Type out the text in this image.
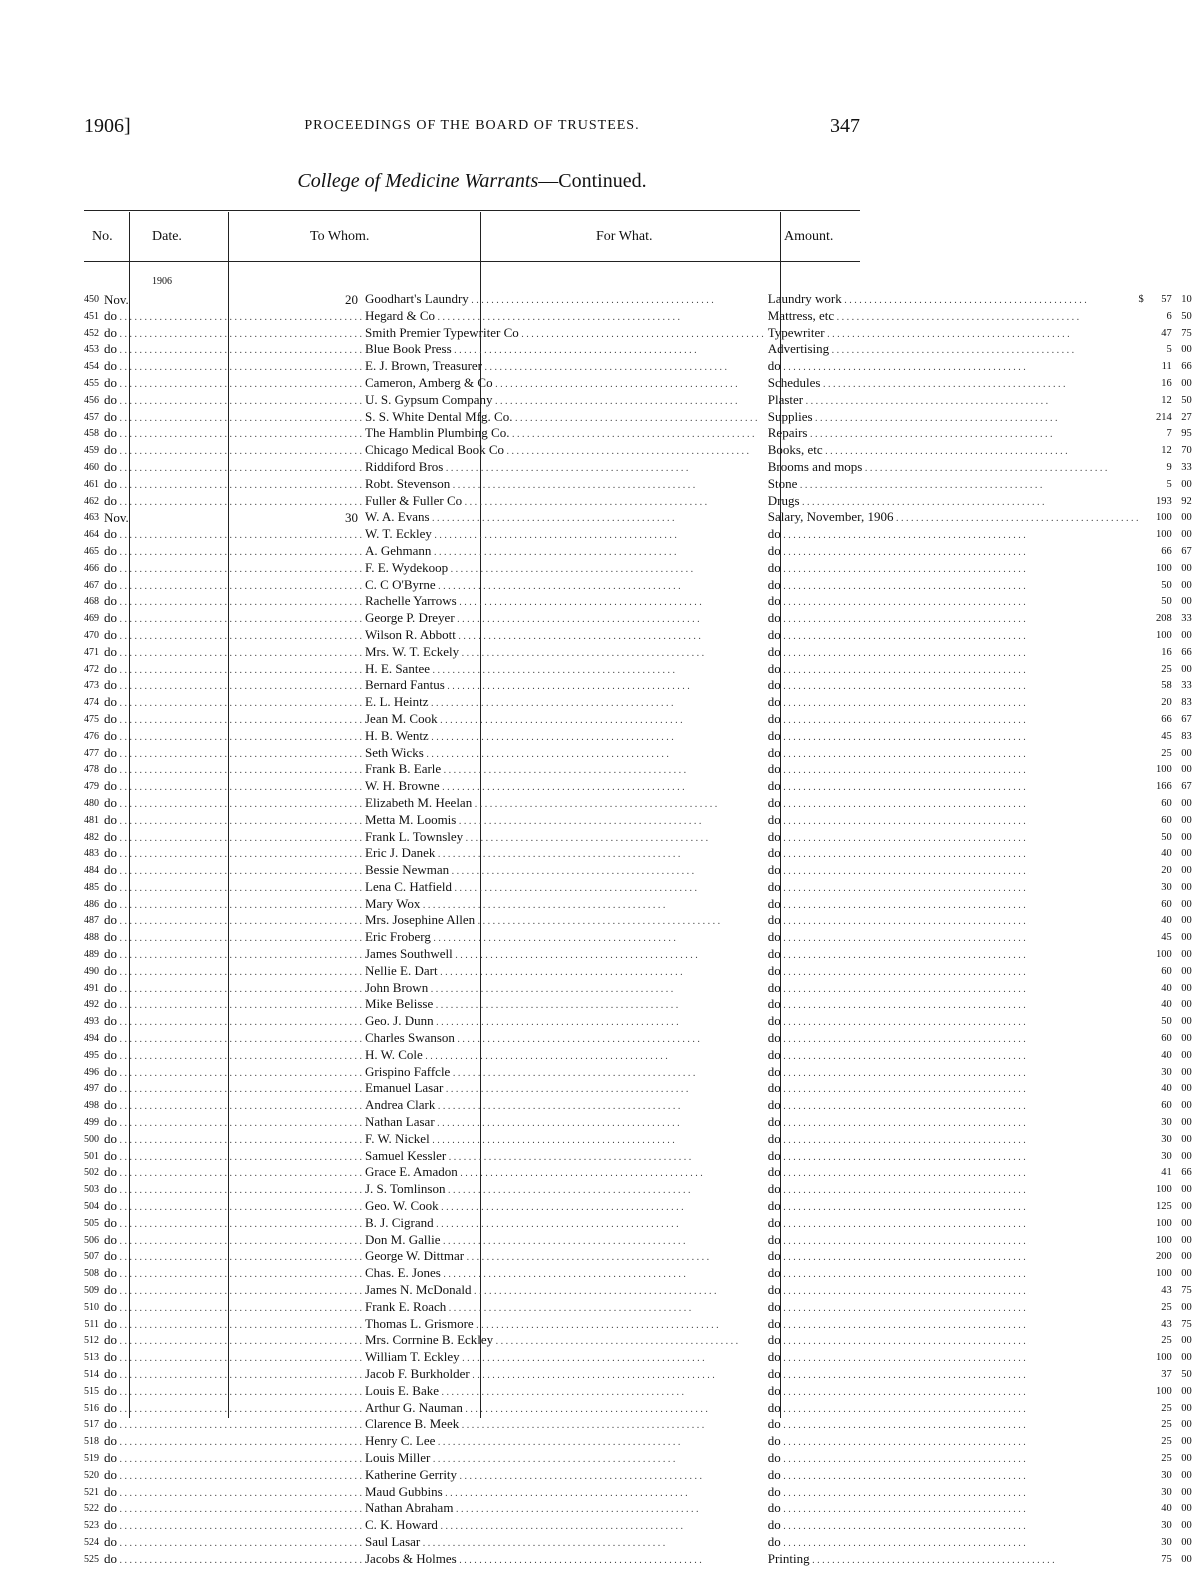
1906]	PROCEEDINGS OF THE BOARD OF TRUSTEES.	347
College of Medicine Warrants—Continued.
No.	Date.	To Whom.	For What.	Amount.
1906
450	Nov. 20	Goodhart's Laundry . . .	Laundry work . . .	$ 57 10
451	do . . .	Hegard & Co . . .	Mattress, etc . . .	6 50
452	do . . .	Smith Premier Typewriter Co . . .	Typewriter . . .	47 75
453	do . . .	Blue Book Press . . .	Advertising . . .	5 00
454	do . . .	E. J. Brown, Treasurer . . .	do . . .	11 66
455	do . . .	Cameron, Amberg & Co . . .	Schedules . . .	16 00
456	do . . .	U. S. Gypsum Company . . .	Plaster . . .	12 50
457	do . . .	S. S. White Dental Mfg. Co. . . .	Supplies . . .	214 27
458	do . . .	The Hamblin Plumbing Co. . . .	Repairs . . .	7 95
459	do . . .	Chicago Medical Book Co . . .	Books, etc . . .	12 70
460	do . . .	Riddiford Bros . . .	Brooms and mops . . .	9 33
461	do . . .	Robt. Stevenson . . .	Stone . . .	5 00
462	do . . .	Fuller & Fuller Co . . .	Drugs . . .	193 92
463	Nov. 30	W. A. Evans . . .	Salary, November, 1906 . . .	100 00
464	do . . .	W. T. Eckley . . .	do . . .	100 00
465	do . . .	A. Gehmann . . .	do . . .	66 67
466	do . . .	F. E. Wydekoop . . .	do . . .	100 00
467	do . . .	C. C O'Byrne . . .	do . . .	50 00
468	do . . .	Rachelle Yarrows . . .	do . . .	50 00
469	do . . .	George P. Dreyer . . .	do . . .	208 33
470	do . . .	Wilson R. Abbott . . .	do . . .	100 00
471	do . . .	Mrs. W. T. Eckely . . .	do . . .	16 66
472	do . . .	H. E. Santee . . .	do . . .	25 00
473	do . . .	Bernard Fantus . . .	do . . .	58 33
474	do . . .	E. L. Heintz . . .	do . . .	20 83
475	do . . .	Jean M. Cook . . .	do . . .	66 67
476	do . . .	H. B. Wentz . . .	do . . .	45 83
477	do . . .	Seth Wicks . . .	do . . .	25 00
478	do . . .	Frank B. Earle . . .	do . . .	100 00
479	do . . .	W. H. Browne . . .	do . . .	166 67
480	do . . .	Elizabeth M. Heelan . . .	do . . .	60 00
481	do . . .	Metta M. Loomis . . .	do . . .	60 00
482	do . . .	Frank L. Townsley . . .	do . . .	50 00
483	do . . .	Eric J. Danek . . .	do . . .	40 00
484	do . . .	Bessie Newman . . .	do . . .	20 00
485	do . . .	Lena C. Hatfield . . .	do . . .	30 00
486	do . . .	Mary Wox . . .	do . . .	60 00
487	do . . .	Mrs. Josephine Allen . . .	do . . .	40 00
488	do . . .	Eric Froberg . . .	do . . .	45 00
489	do . . .	James Southwell . . .	do . . .	100 00
490	do . . .	Nellie E. Dart . . .	do . . .	60 00
491	do . . .	John Brown . . .	do . . .	40 00
492	do . . .	Mike Belisse . . .	do . . .	40 00
493	do . . .	Geo. J. Dunn . . .	do . . .	50 00
494	do . . .	Charles Swanson . . .	do . . .	60 00
495	do . . .	H. W. Cole . . .	do . . .	40 00
496	do . . .	Grispino Faffcle . . .	do . . .	30 00
497	do . . .	Emanuel Lasar . . .	do . . .	40 00
498	do . . .	Andrea Clark . . .	do . . .	60 00
499	do . . .	Nathan Lasar . . .	do . . .	30 00
500	do . . .	F. W. Nickel . . .	do . . .	30 00
501	do . . .	Samuel Kessler . . .	do . . .	30 00
502	do . . .	Grace E. Amadon . . .	do . . .	41 66
503	do . . .	J. S. Tomlinson . . .	do . . .	100 00
504	do . . .	Geo. W. Cook . . .	do . . .	125 00
505	do . . .	B. J. Cigrand . . .	do . . .	100 00
506	do . . .	Don M. Gallie . . .	do . . .	100 00
507	do . . .	George W. Dittmar . . .	do . . .	200 00
508	do . . .	Chas. E. Jones . . .	do . . .	100 00
509	do . . .	James N. McDonald . . .	do . . .	43 75
510	do . . .	Frank E. Roach . . .	do . . .	25 00
511	do . . .	Thomas L. Grismore . . .	do . . .	43 75
512	do . . .	Mrs. Corrnine B. Eckley . . .	do . . .	25 00
513	do . . .	William T. Eckley . . .	do . . .	100 00
514	do . . .	Jacob F. Burkholder . . .	do . . .	37 50
515	do . . .	Louis E. Bake . . .	do . . .	100 00
516	do . . .	Arthur G. Nauman . . .	do . . .	25 00
517	do . . .	Clarence B. Meek . . .	do . . .	25 00
518	do . . .	Henry C. Lee . . .	do . . .	25 00
519	do . . .	Louis Miller . . .	do . . .	25 00
520	do . . .	Katherine Gerrity . . .	do . . .	30 00
521	do . . .	Maud Gubbins . . .	do . . .	30 00
522	do . . .	Nathan Abraham . . .	do . . .	40 00
523	do . . .	C. K. Howard . . .	do . . .	30 00
524	do . . .	Saul Lasar . . .	do . . .	30 00
525	do . . .	Jacobs & Holmes . . .	Printing . . .	75 00
